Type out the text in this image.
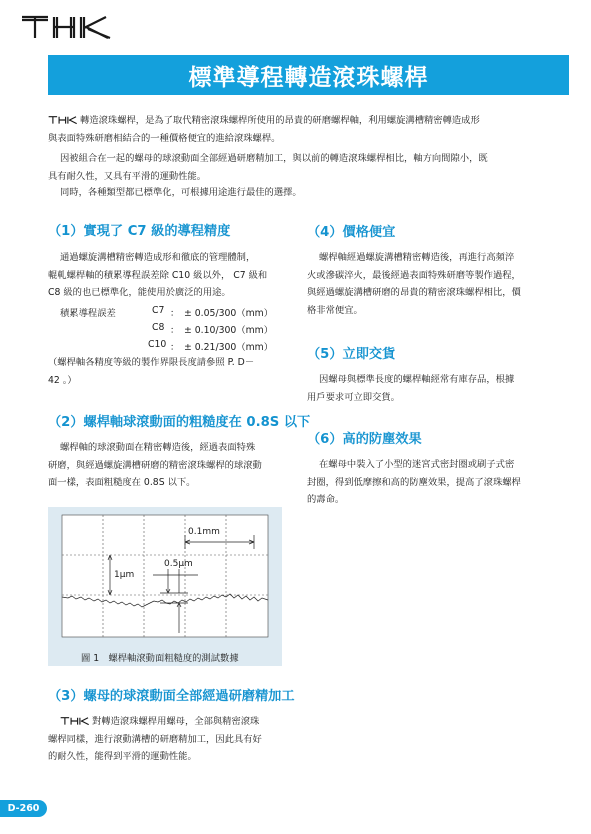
標準導程轉造滾珠螺桿
轉造滾珠螺桿，是為了取代精密滾珠螺桿所使用的昂貴的研磨螺桿軸，利用螺旋溝槽精密轉造成形
與表面特殊研磨相結合的一種價格便宜的進給滾珠螺桿。
因被組合在一起的螺母的球滾動面全部經過研磨精加工，與以前的轉造滾珠螺桿相比，軸方向間隙小，既
具有耐久性，又具有平滑的運動性能。
同時，各種類型都已標準化，可根據用途進行最佳的選擇。
（1）實現了 C7 級的導程精度
通過螺旋溝槽精密轉造成形和徹底的管理體制，
輥軋螺桿軸的積累導程誤差除 C10 級以外， C7 級和
C8 級的也已標準化，能使用於廣泛的用途。
積累導程誤差	C7 ： ± 0.05/300（mm）
C8 ： ± 0.10/300（mm）
C10 ： ± 0.21/300（mm）
（螺桿軸各精度等級的製作界限長度請參照 P. D－
42 。）
（2）螺桿軸球滾動面的粗糙度在 0.8S 以下
螺桿軸的球滾動面在精密轉造後，經過表面特殊
研磨，與經過螺旋溝槽研磨的精密滾珠螺桿的球滾動
面一樣，表面粗糙度在 0.8S 以下。
0.1mm
0.5μm
1μm
圖 1　螺桿軸滾動面粗糙度的測試數據
（3）螺母的球滾動面全部經過研磨精加工
對轉造滾珠螺桿用螺母，全部與精密滾珠
螺桿同樣，進行滾動溝槽的研磨精加工，因此具有好
的耐久性，能得到平滑的運動性能。
（4）價格便宜
螺桿軸經過螺旋溝槽精密轉造後，再進行高頻淬
火或滲碳淬火，最後經過表面特殊研磨等製作過程，
與經過螺旋溝槽研磨的昂貴的精密滾珠螺桿相比，價
格非常便宜。
（5）立即交貨
因螺母與標準長度的螺桿軸經常有庫存品，根據
用戶要求可立即交貨。
（6）高的防塵效果
在螺母中裝入了小型的迷宮式密封圈或刷子式密
封圈，得到低摩擦和高的防塵效果，提高了滾珠螺桿
的壽命。
D-260
